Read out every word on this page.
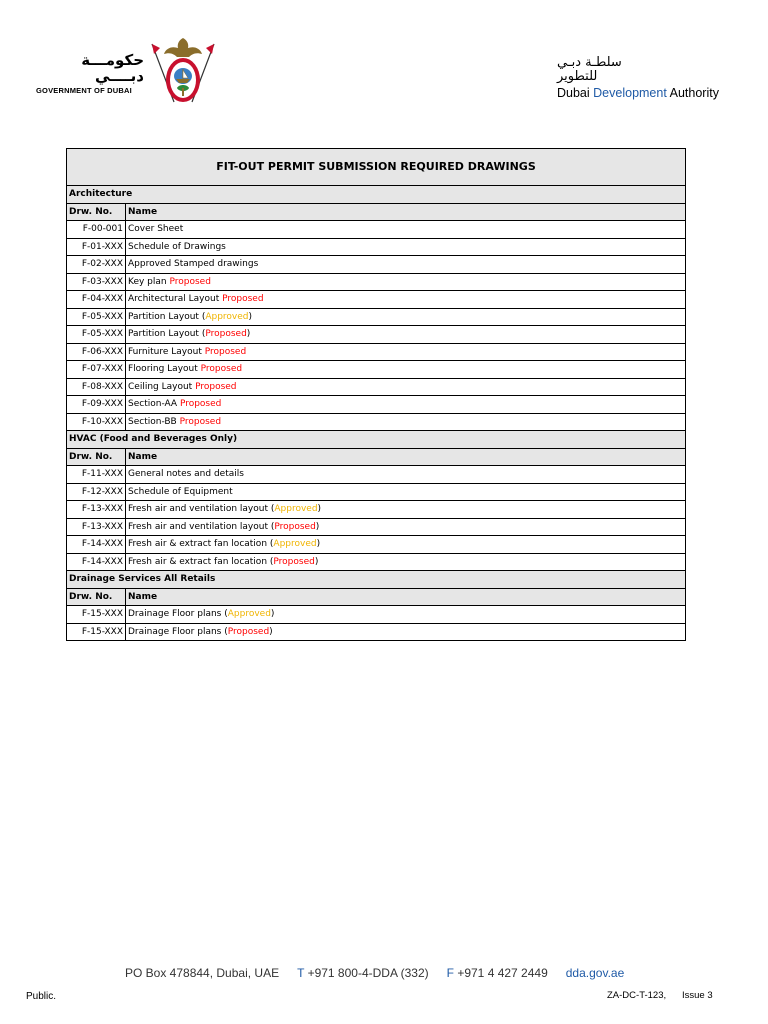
حكومـــة دبــــي
GOVERNMENT OF DUBAI
سلطـة دبـي للتطوير
Dubai Development Authority
FIT-OUT PERMIT SUBMISSION REQUIRED DRAWINGS	
Architecture	
Drw. No.	Name
F-00-001	Cover Sheet
F-01-XXX	Schedule of Drawings
F-02-XXX	Approved Stamped drawings
F-03-XXX	Key plan Proposed
F-04-XXX	Architectural Layout Proposed
F-05-XXX	Partition Layout (Approved)
F-05-XXX	Partition Layout (Proposed)
F-06-XXX	Furniture Layout Proposed
F-07-XXX	Flooring Layout Proposed
F-08-XXX	Ceiling Layout Proposed
F-09-XXX	Section-AA Proposed
F-10-XXX	Section-BB Proposed
HVAC (Food and Beverages Only)	
Drw. No.	Name
F-11-XXX	General notes and details
F-12-XXX	Schedule of Equipment
F-13-XXX	Fresh air and ventilation layout (Approved)
F-13-XXX	Fresh air and ventilation layout (Proposed)
F-14-XXX	Fresh air & extract fan location (Approved)
F-14-XXX	Fresh air & extract fan location (Proposed)
Drainage Services All Retails	
Drw. No.	Name
F-15-XXX	Drainage Floor plans (Approved)
F-15-XXX	Drainage Floor plans (Proposed)
PO Box 478844, Dubai, UAE T +971 800-4-DDA (332) F +971 4 427 2449 dda.gov.ae
Public.	ZA-DC-T-123, Issue 3
